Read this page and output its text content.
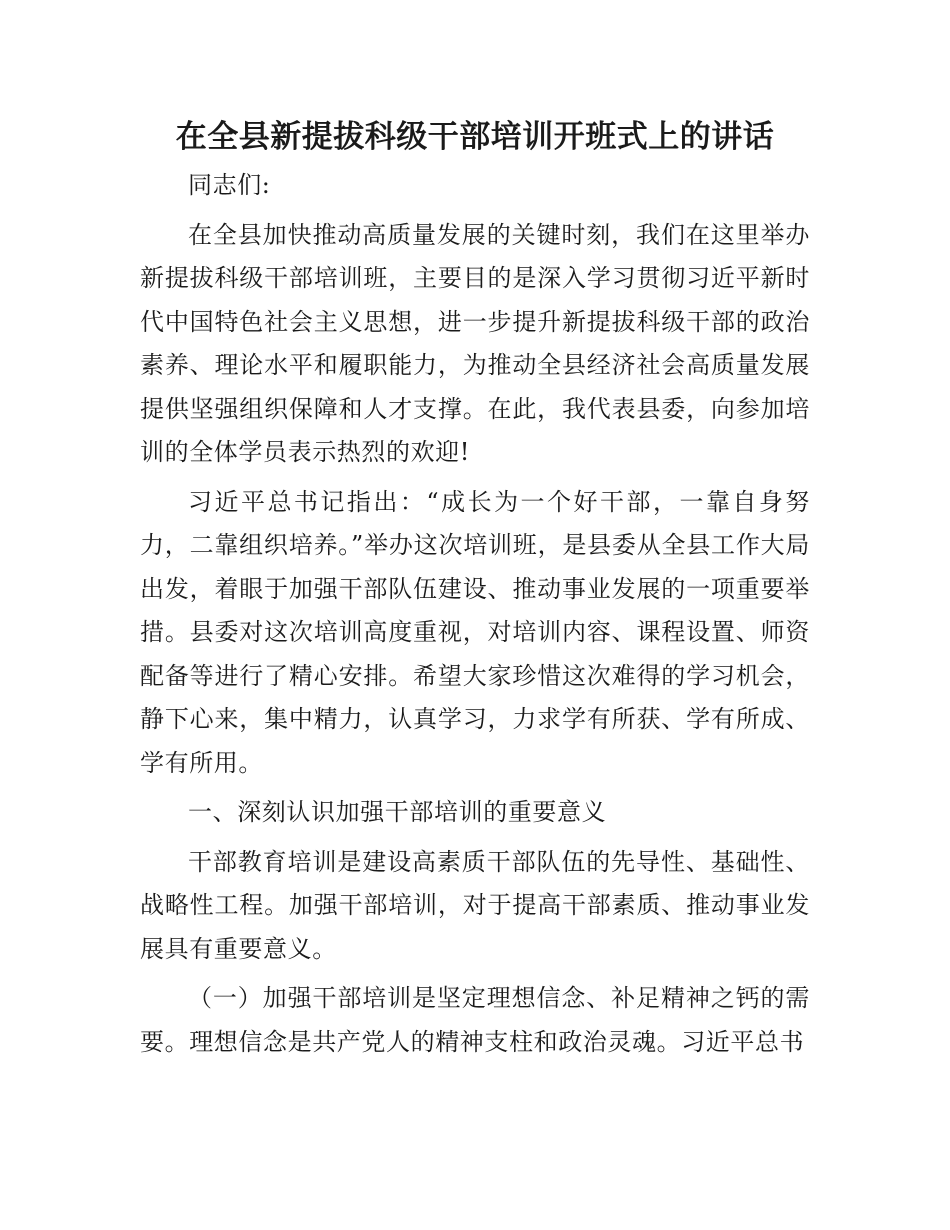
在全县新提拔科级干部培训开班式上的讲话
同志们:

在全县加快推动高质量发展的关键时刻，我们在这里举办新提拔科级干部培训班，主要目的是深入学习贯彻习近平新时代中国特色社会主义思想，进一步提升新提拔科级干部的政治素养、理论水平和履职能力，为推动全县经济社会高质量发展提供坚强组织保障和人才支撑。在此，我代表县委，向参加培训的全体学员表示热烈的欢迎!

习近平总书记指出：“成长为一个好干部，一靠自身努力，二靠组织培养。”举办这次培训班，是县委从全县工作大局出发，着眼于加强干部队伍建设、推动事业发展的一项重要举措。县委对这次培训高度重视，对培训内容、课程设置、师资配备等进行了精心安排。希望大家珍惜这次难得的学习机会，静下心来，集中精力，认真学习，力求学有所获、学有所成、学有所用。

一、深刻认识加强干部培训的重要意义

干部教育培训是建设高素质干部队伍的先导性、基础性、战略性工程。加强干部培训，对于提高干部素质、推动事业发展具有重要意义。

（一）加强干部培训是坚定理想信念、补足精神之钙的需要。理想信念是共产党人的精神支柱和政治灵魂。习近平总书
